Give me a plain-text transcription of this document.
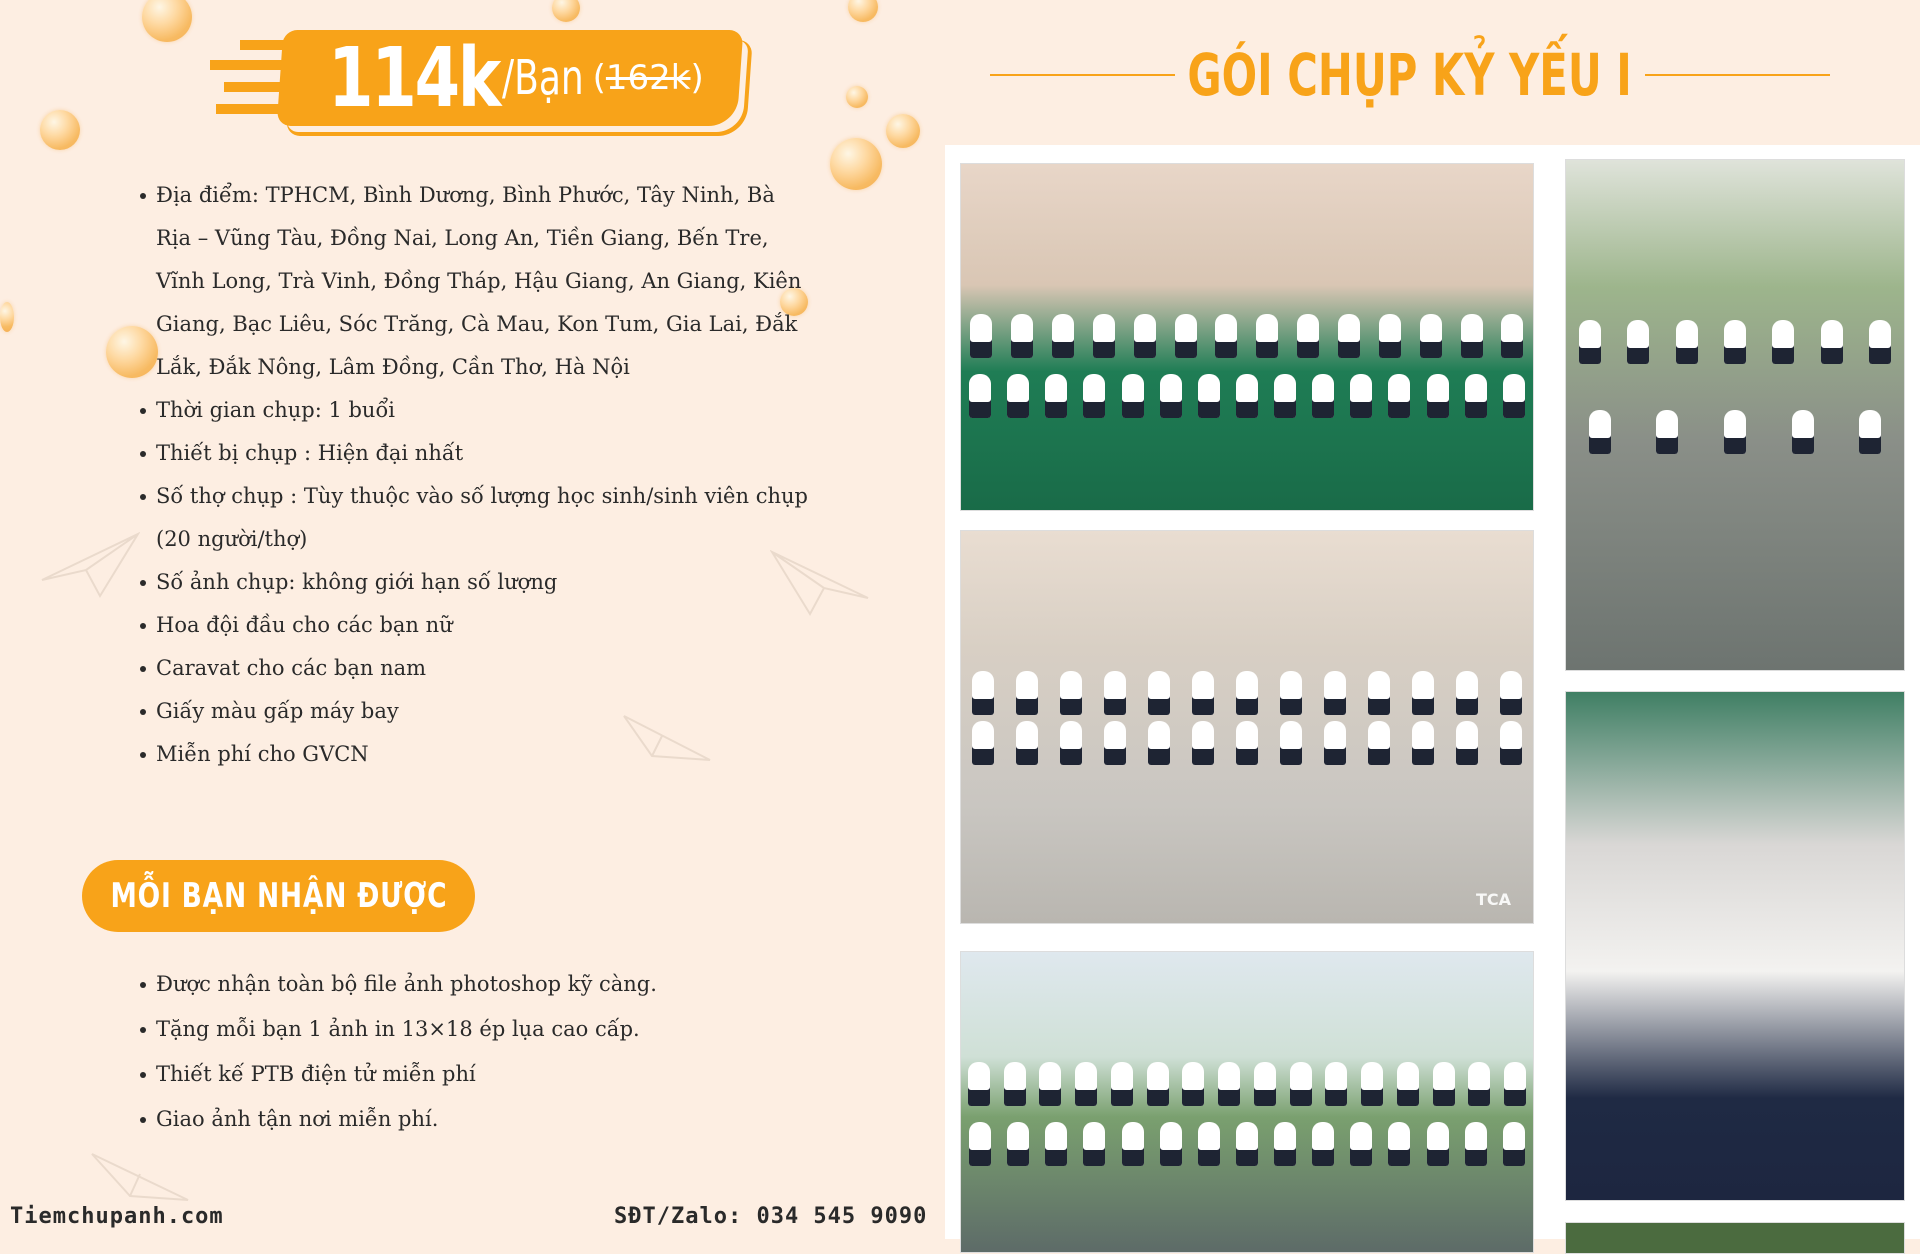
114k /Bạn (162k)
Địa điểm: TPHCM, Bình Dương, Bình Phước, Tây Ninh, Bà Rịa – Vũng Tàu, Đồng Nai, Long An, Tiền Giang, Bến Tre, Vĩnh Long, Trà Vinh, Đồng Tháp, Hậu Giang, An Giang, Kiên Giang, Bạc Liêu, Sóc Trăng, Cà Mau, Kon Tum, Gia Lai, Đắk Lắk, Đắk Nông, Lâm Đồng, Cần Thơ, Hà Nội
Thời gian chụp: 1 buổi
Thiết bị chụp : Hiện đại nhất
Số thợ chụp : Tùy thuộc vào số lượng học sinh/sinh viên chụp (20 người/thợ)
Số ảnh chụp: không giới hạn số lượng
Hoa đội đầu cho các bạn nữ
Caravat cho các bạn nam
Giấy màu gấp máy bay
Miễn phí cho GVCN
MỖI BẠN NHẬN ĐƯỢC
Được nhận toàn bộ file ảnh photoshop kỹ càng.
Tặng mỗi bạn 1 ảnh in 13×18 ép lụa cao cấp.
Thiết kế PTB điện tử miễn phí
Giao ảnh tận nơi miễn phí.
Tiemchupanh.com	SĐT/Zalo: 034 545 9090
GÓI CHỤP KỶ YẾU I
TCA
